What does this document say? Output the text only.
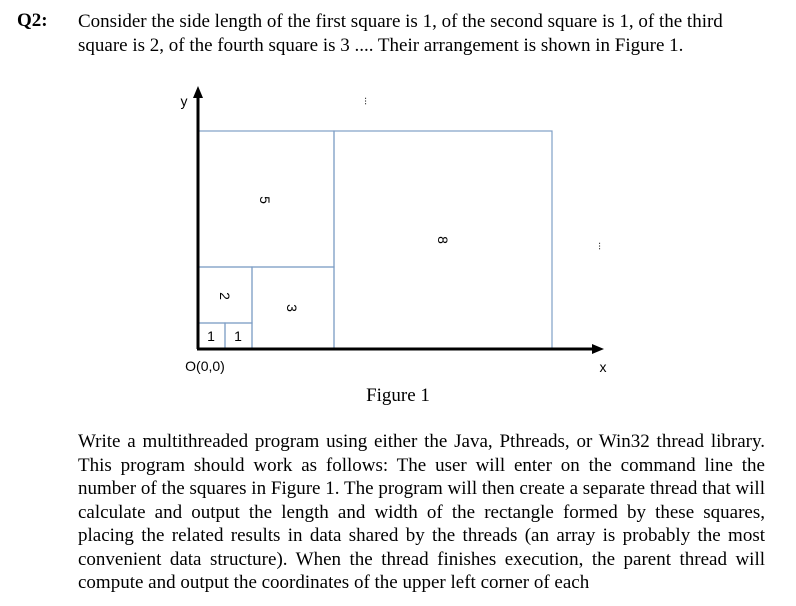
Q2: Consider the side length of the first square is 1, of the second square is 1, of the third
square is 2, of the fourth square is 3 .... Their arrangement is shown in Figure 1.
1 1
2
3
5
8
y
x
O(0,0)
...
...
Figure 1
Write a multithreaded program using either the Java, Pthreads, or Win32 thread library. This program should work as follows: The user will enter on the command line the number of the squares in Figure 1. The program will then create a separate thread that will calculate and output the length and width of the rectangle formed by these squares, placing the related results in data shared by the threads (an array is probably the most convenient data structure). When the thread finishes execution, the parent thread will compute and output the coordinates of the upper left corner of each
